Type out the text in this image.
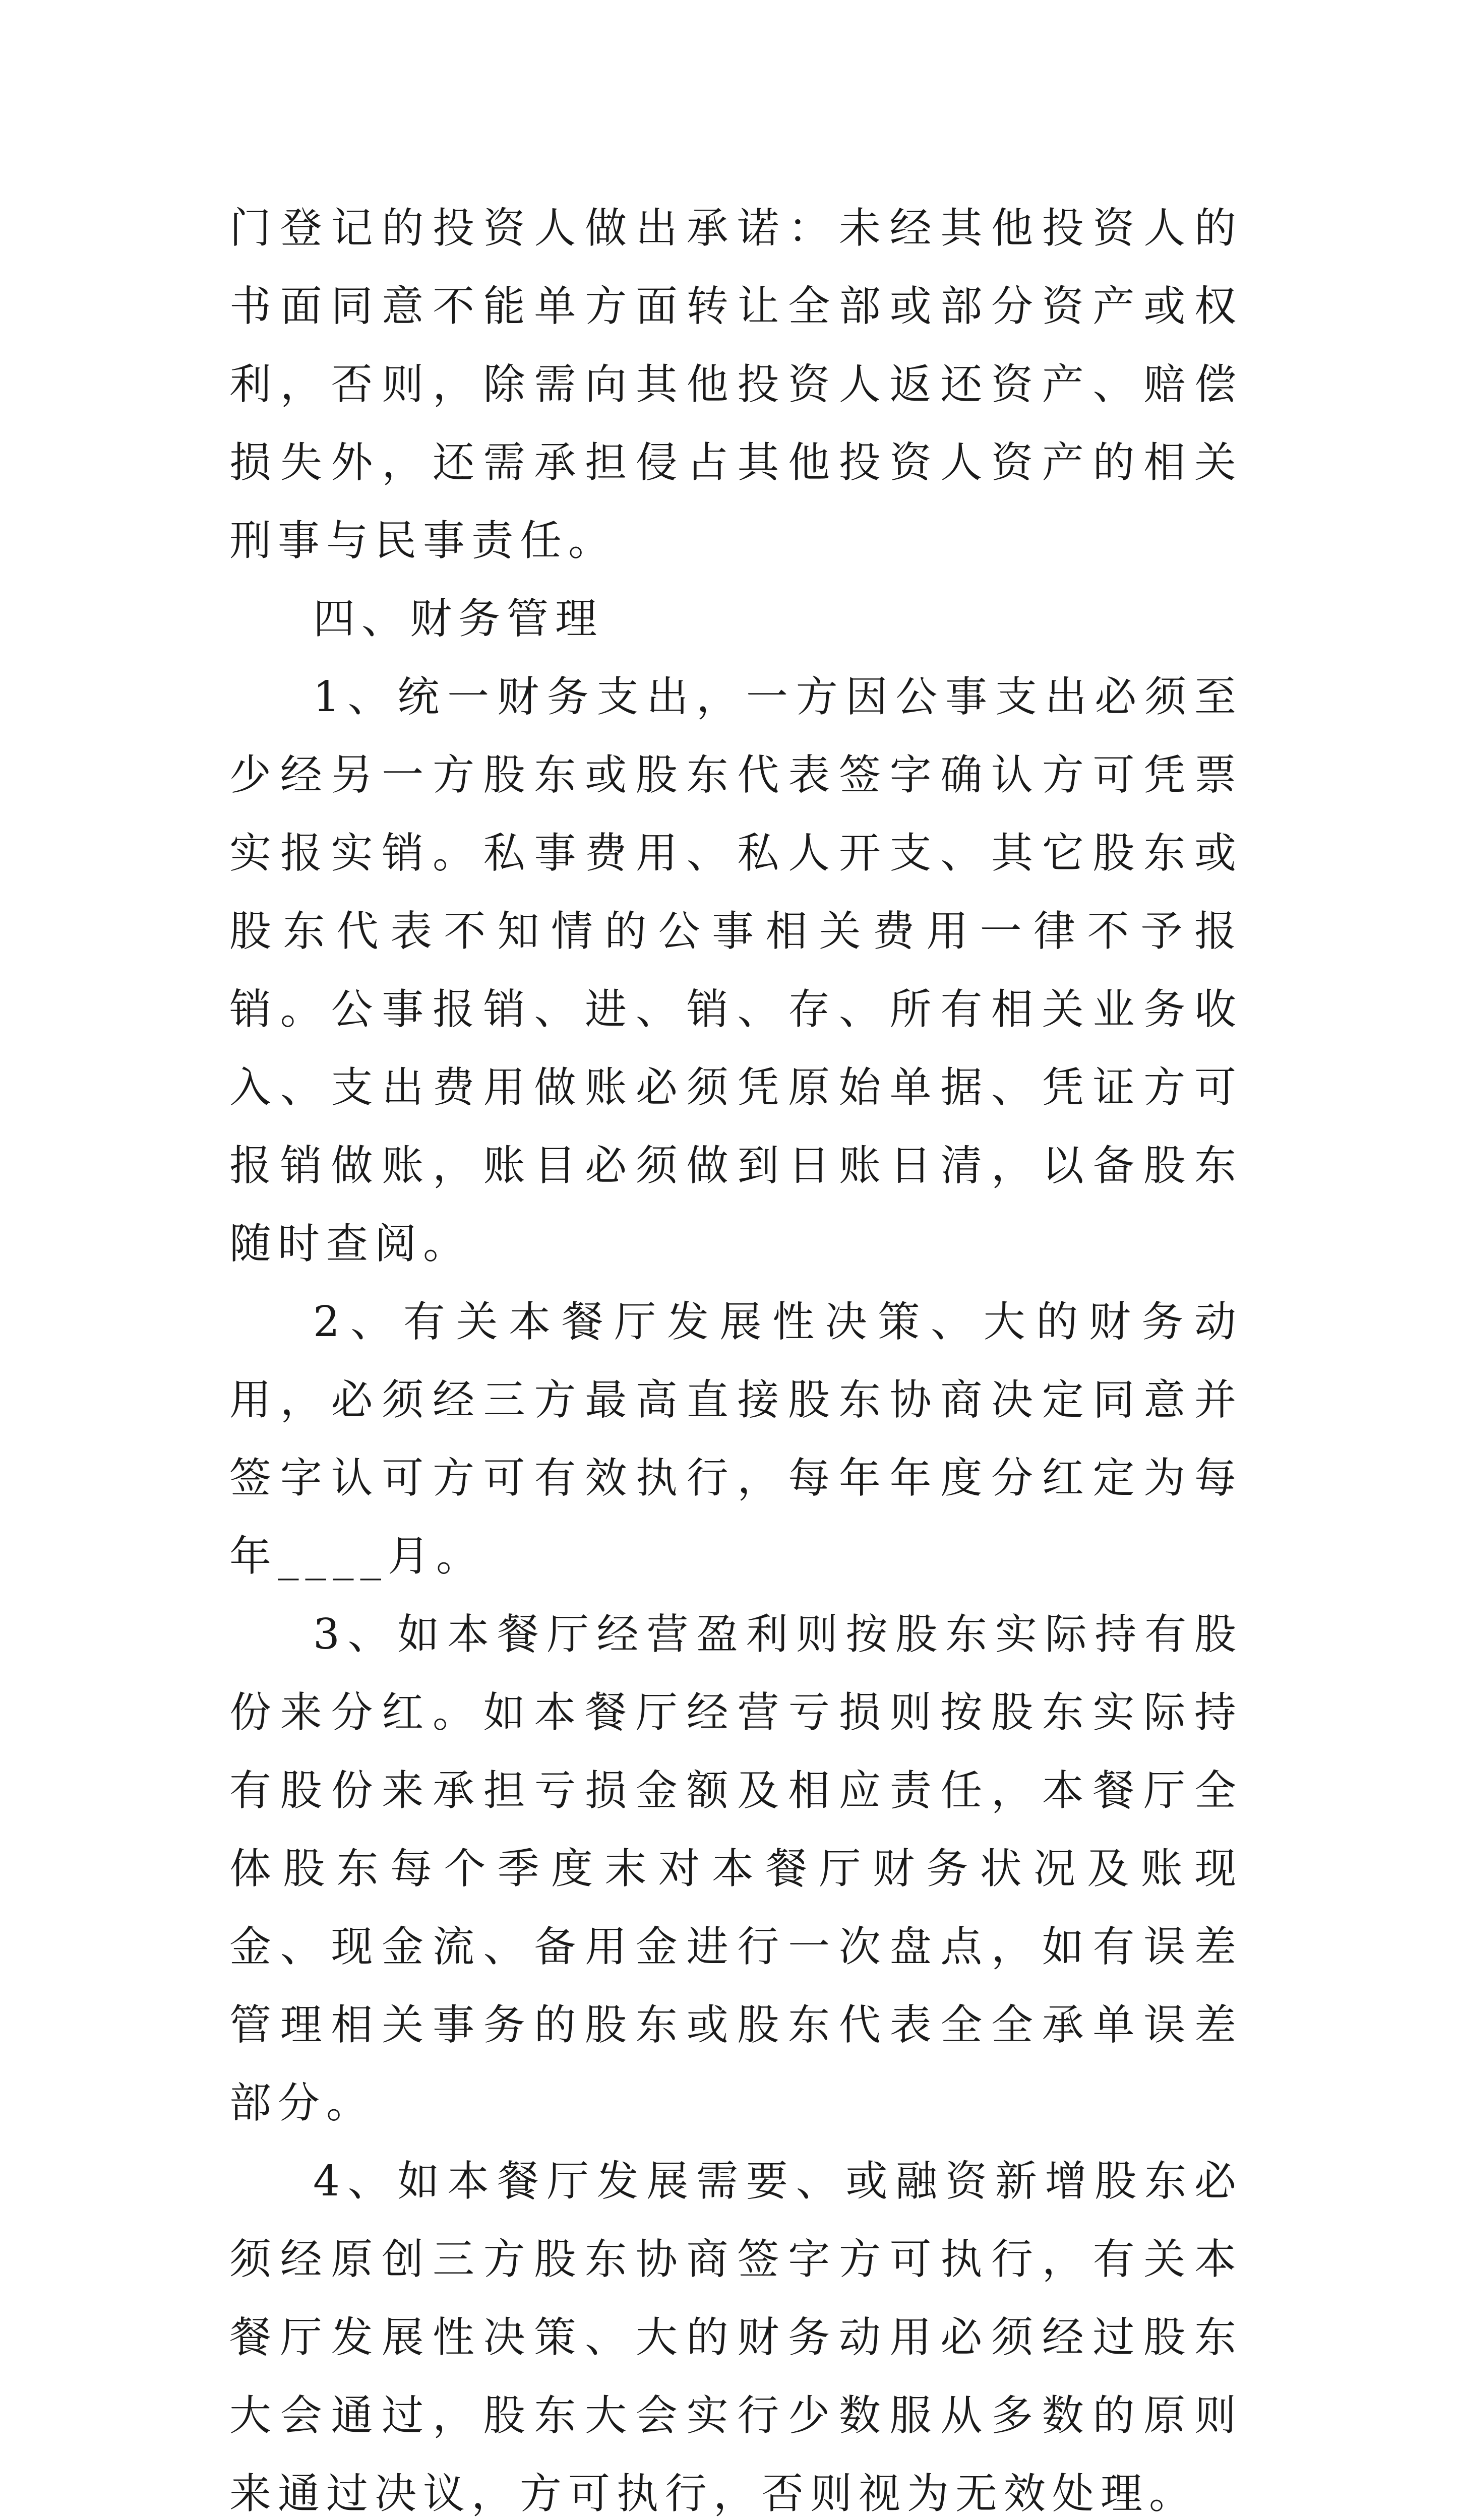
门登记的投资人做出承诺：未经其他投资人的书面同意不能单方面转让全部或部分资产或权利，否则，除需向其他投资人返还资产、赔偿损失外，还需承担侵占其他投资人资产的相关刑事与民事责任。

四、财务管理

1、统一财务支出，一方因公事支出必须至少经另一方股东或股东代表签字确认方可凭票实报实销。私事费用、私人开支、其它股东或股东代表不知情的公事相关费用一律不予报销。公事报销、进、销、存、所有相关业务收入、支出费用做账必须凭原始单据、凭证方可报销做账，账目必须做到日账日清，以备股东随时查阅。

2、有关本餐厅发展性决策、大的财务动用，必须经三方最高直接股东协商决定同意并签字认可方可有效执行，每年年度分红定为每年____月。

3、如本餐厅经营盈利则按股东实际持有股份来分红。如本餐厅经营亏损则按股东实际持有股份来承担亏损金额及相应责任，本餐厅全体股东每个季度末对本餐厅财务状况及账现金、现金流、备用金进行一次盘点，如有误差管理相关事务的股东或股东代表全全承单误差部分。

4、如本餐厅发展需要、或融资新增股东必须经原创三方股东协商签字方可执行，有关本餐厅发展性决策、大的财务动用必须经过股东大会通过，股东大会实行少数服从多数的原则来通过决议，方可执行，否则视为无效处理。
